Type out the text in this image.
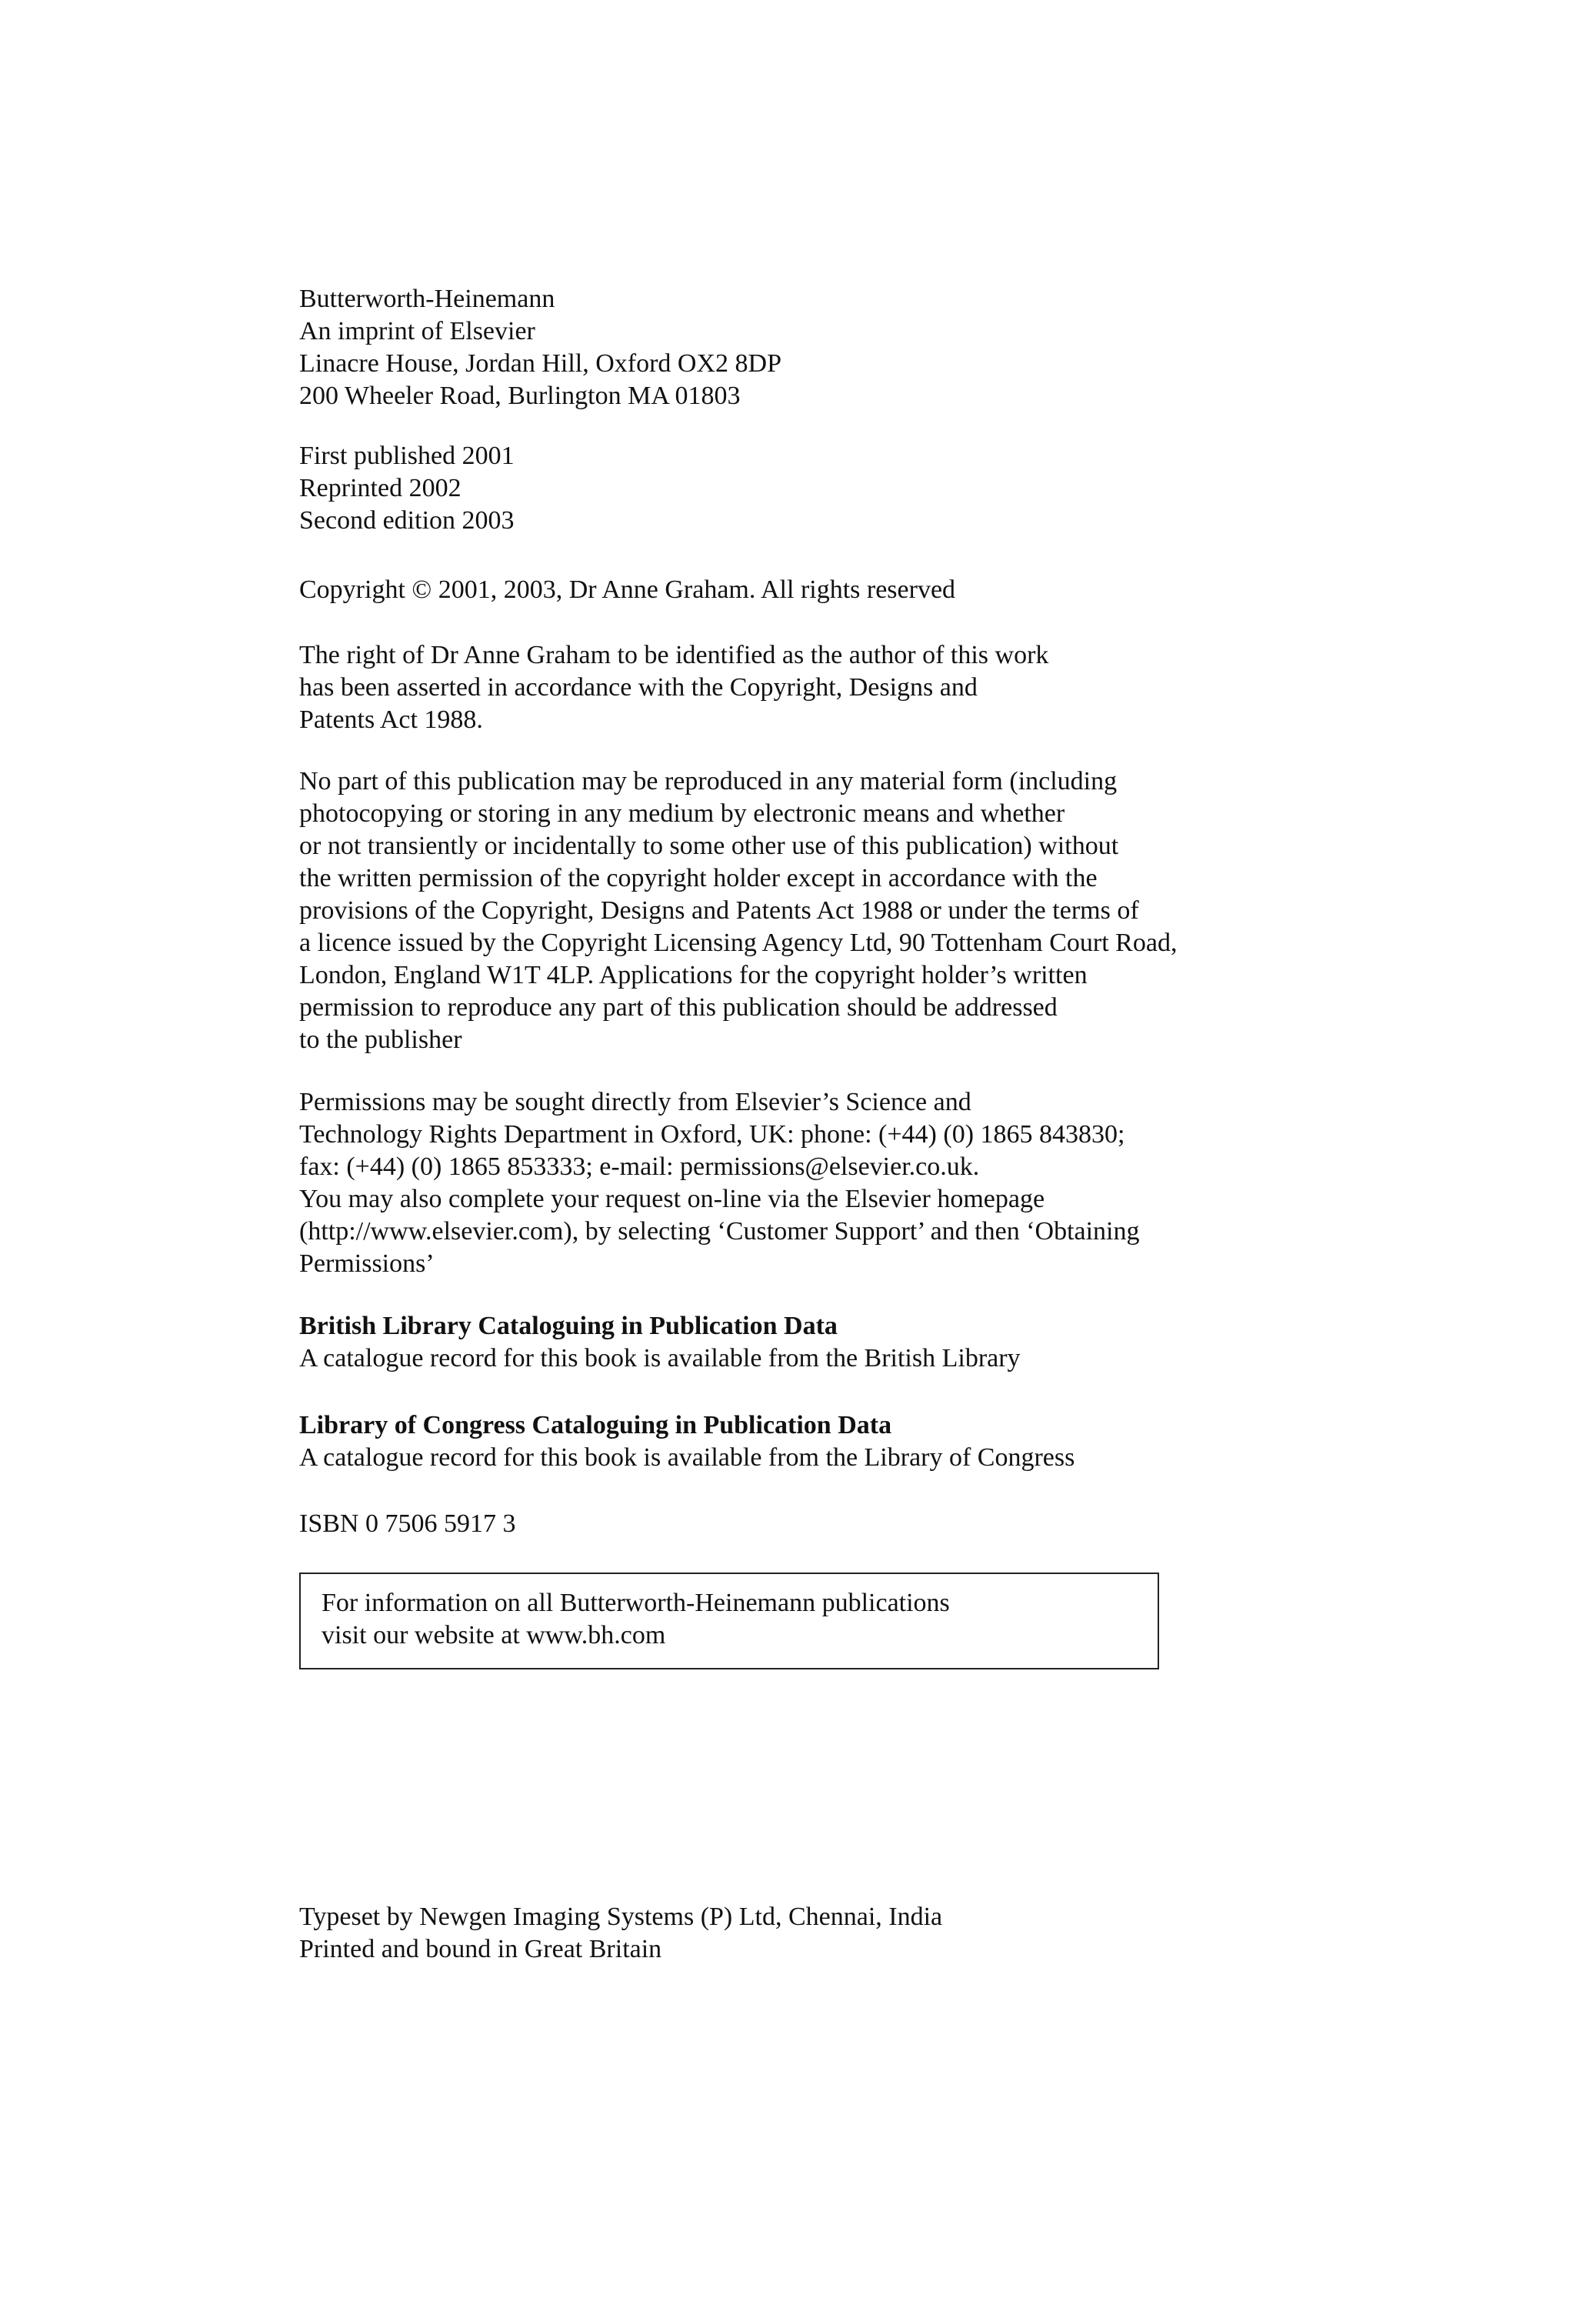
Butterworth-Heinemann
An imprint of Elsevier
Linacre House, Jordan Hill, Oxford OX2 8DP
200 Wheeler Road, Burlington MA 01803
First published 2001
Reprinted 2002
Second edition 2003
Copyright © 2001, 2003, Dr Anne Graham. All rights reserved
The right of Dr Anne Graham to be identified as the author of this work
has been asserted in accordance with the Copyright, Designs and
Patents Act 1988.
No part of this publication may be reproduced in any material form (including
photocopying or storing in any medium by electronic means and whether
or not transiently or incidentally to some other use of this publication) without
the written permission of the copyright holder except in accordance with the
provisions of the Copyright, Designs and Patents Act 1988 or under the terms of
a licence issued by the Copyright Licensing Agency Ltd, 90 Tottenham Court Road,
London, England W1T 4LP. Applications for the copyright holder’s written
permission to reproduce any part of this publication should be addressed
to the publisher
Permissions may be sought directly from Elsevier’s Science and
Technology Rights Department in Oxford, UK: phone: (+44) (0) 1865 843830;
fax: (+44) (0) 1865 853333; e-mail: permissions@elsevier.co.uk.
You may also complete your request on-line via the Elsevier homepage
(http://www.elsevier.com), by selecting ‘Customer Support’ and then ‘Obtaining
Permissions’
British Library Cataloguing in Publication Data
A catalogue record for this book is available from the British Library
Library of Congress Cataloguing in Publication Data
A catalogue record for this book is available from the Library of Congress
ISBN 0 7506 5917 3
For information on all Butterworth-Heinemann publications
visit our website at www.bh.com
Typeset by Newgen Imaging Systems (P) Ltd, Chennai, India
Printed and bound in Great Britain
